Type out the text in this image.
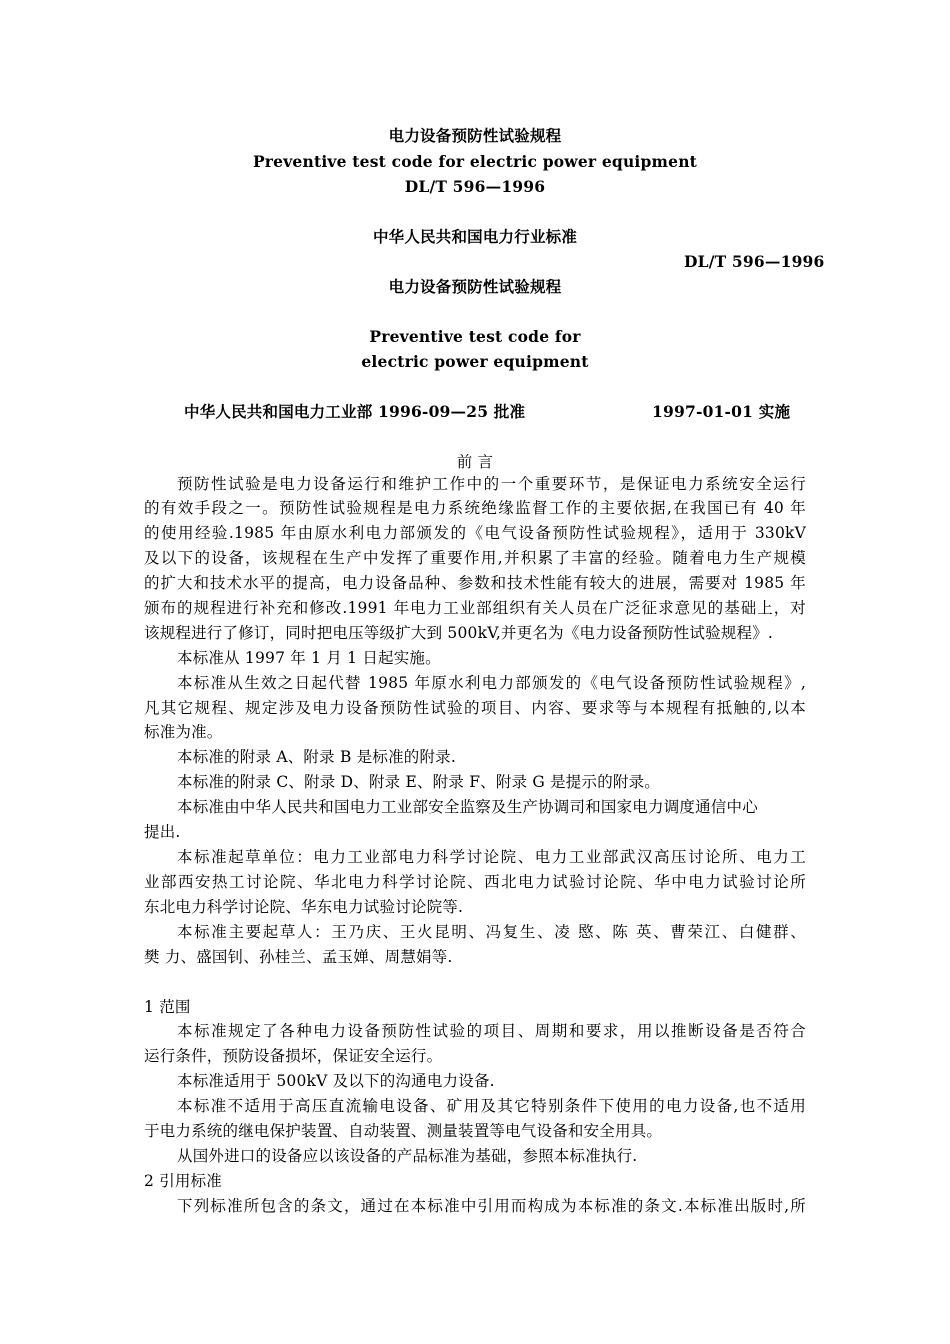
电力设备预防性试验规程
Preventive test code for electric power equipment
DL/T 596—1996
中华人民共和国电力行业标准
DL/T 596—1996
电力设备预防性试验规程
Preventive test code for
electric power equipment
中华人民共和国电力工业部 1996-09—25 批准	1997-01-01 实施
前 言
预防性试验是电力设备运行和维护工作中的一个重要环节，是保证电力系统安全运行
的有效手段之一。预防性试验规程是电力系统绝缘监督工作的主要依据,在我国已有 40 年
的使用经验.1985 年由原水利电力部颁发的《电气设备预防性试验规程》，适用于 330kV
及以下的设备，该规程在生产中发挥了重要作用,并积累了丰富的经验。随着电力生产规模
的扩大和技术水平的提高，电力设备品种、参数和技术性能有较大的进展，需要对 1985 年
颁布的规程进行补充和修改.1991 年电力工业部组织有关人员在广泛征求意见的基础上，对
该规程进行了修订，同时把电压等级扩大到 500kV,并更名为《电力设备预防性试验规程》.
本标准从 1997 年 1 月 1 日起实施。
本标准从生效之日起代替 1985 年原水利电力部颁发的《电气设备预防性试验规程》,
凡其它规程、规定涉及电力设备预防性试验的项目、内容、要求等与本规程有抵触的,以本
标准为准。
本标准的附录 A、附录 B 是标准的附录.
本标准的附录 C、附录 D、附录 E、附录 F、附录 G 是提示的附录。
本标准由中华人民共和国电力工业部安全监察及生产协调司和国家电力调度通信中心
提出.
本标准起草单位：电力工业部电力科学讨论院、电力工业部武汉高压讨论所、电力工
业部西安热工讨论院、华北电力科学讨论院、西北电力试验讨论院、华中电力试验讨论所
东北电力科学讨论院、华东电力试验讨论院等.
本标准主要起草人：王乃庆、王火昆明、冯复生、凌 愍、陈 英、曹荣江、白健群、
樊 力、盛国钊、孙桂兰、孟玉婵、周慧娟等.
1 范围
本标准规定了各种电力设备预防性试验的项目、周期和要求，用以推断设备是否符合
运行条件，预防设备损坏，保证安全运行。
本标准适用于 500kV 及以下的沟通电力设备.
本标准不适用于高压直流输电设备、矿用及其它特别条件下使用的电力设备,也不适用
于电力系统的继电保护装置、自动装置、测量装置等电气设备和安全用具。
从国外进口的设备应以该设备的产品标准为基础，参照本标准执行.
2 引用标准
下列标准所包含的条文，通过在本标准中引用而构成为本标准的条文.本标准出版时,所
